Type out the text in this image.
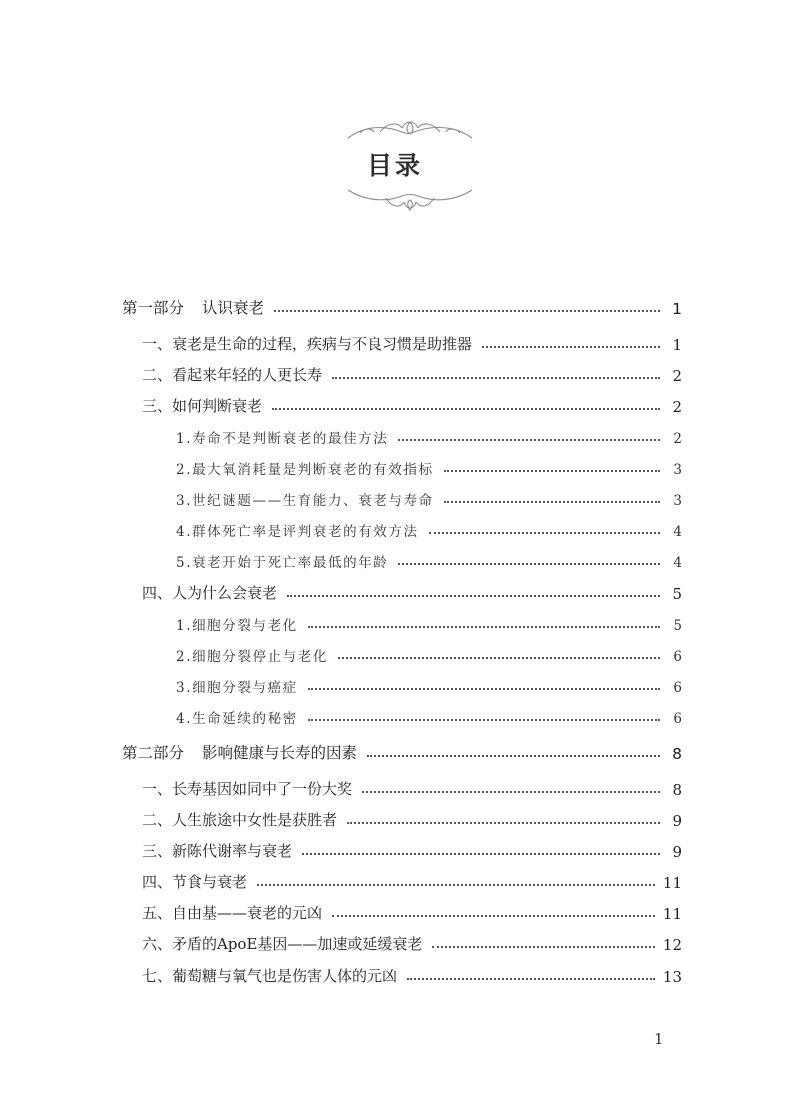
目录
第一部分 认识衰老	1
一、衰老是生命的过程，疾病与不良习惯是助推器	1
二、看起来年轻的人更长寿	2
三、如何判断衰老	2
1.寿命不是判断衰老的最佳方法	2
2.最大氧消耗量是判断衰老的有效指标	3
3.世纪谜题——生育能力、衰老与寿命	3
4.群体死亡率是评判衰老的有效方法	4
5.衰老开始于死亡率最低的年龄	4
四、人为什么会衰老	5
1.细胞分裂与老化	5
2.细胞分裂停止与老化	6
3.细胞分裂与癌症	6
4.生命延续的秘密	6
第二部分 影响健康与长寿的因素	8
一、长寿基因如同中了一份大奖	8
二、人生旅途中女性是获胜者	9
三、新陈代谢率与衰老	9
四、节食与衰老	11
五、自由基——衰老的元凶	11
六、矛盾的ApoE基因——加速或延缓衰老	12
七、葡萄糖与氧气也是伤害人体的元凶	13
1
